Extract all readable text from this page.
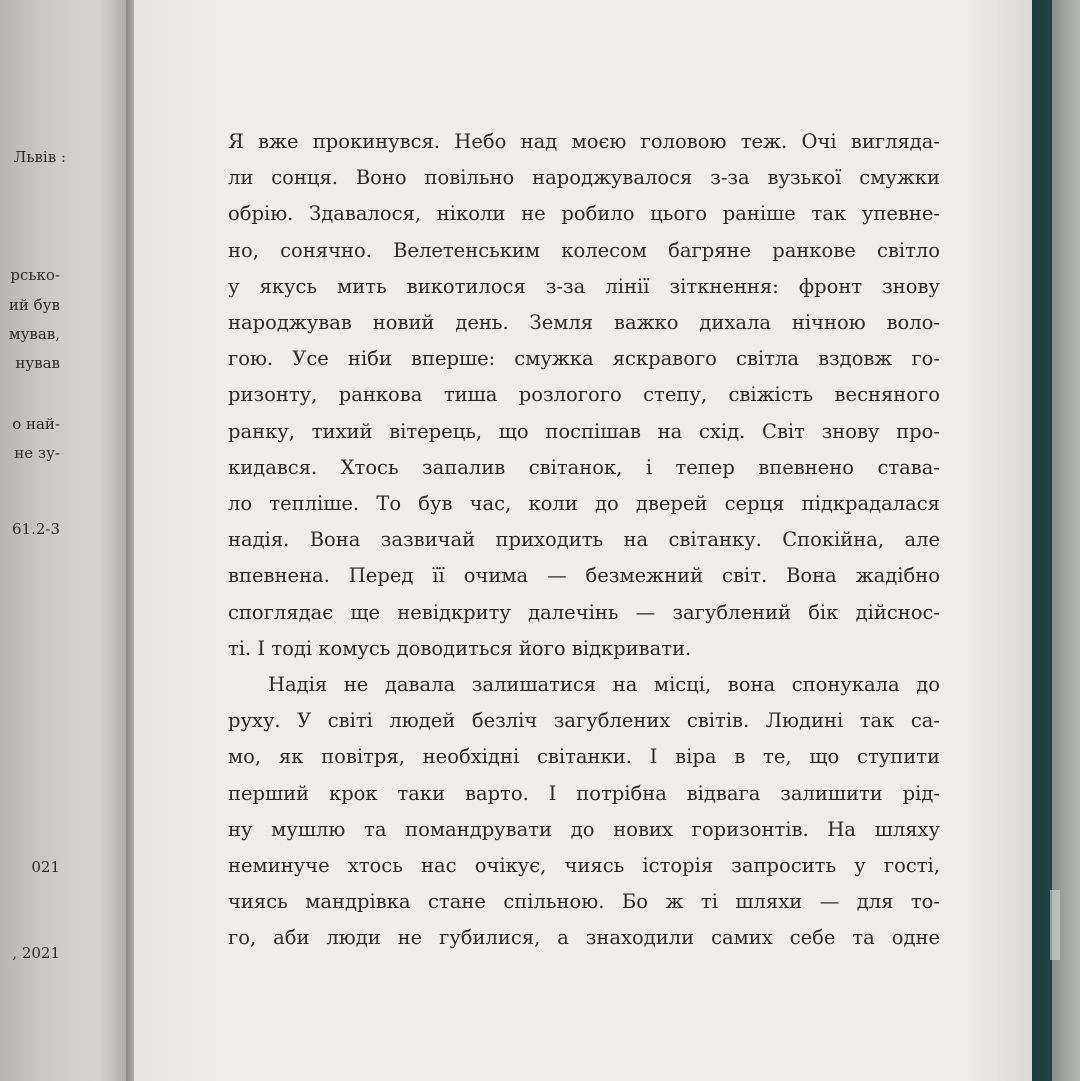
Львів :
рсько-
ий був
мував,
нував
о най-
не зу-
61.2-3
021
, 2021

Я вже прокинувся. Небо над моєю головою теж. Очі вигляда-
ли сонця. Воно повільно народжувалося з-за вузької смужки
обрію. Здавалося, ніколи не робило цього раніше так упевне-
но, сонячно. Велетенським колесом багряне ранкове світло
у якусь мить викотилося з-за лінії зіткнення: фронт знову
народжував новий день. Земля важко дихала нічною воло-
гою. Усе ніби вперше: смужка яскравого світла вздовж го-
ризонту, ранкова тиша розлогого степу, свіжість весняного
ранку, тихий вітерець, що поспішав на схід. Світ знову про-
кидався. Хтось запалив світанок, і тепер впевнено става-
ло тепліше. То був час, коли до дверей серця підкрадалася
надія. Вона зазвичай приходить на світанку. Спокійна, але
впевнена. Перед її очима — безмежний світ. Вона жадібно
споглядає ще невідкриту далечінь — загублений бік дійснос-
ті. І тоді комусь доводиться його відкривати.

Надія не давала залишатися на місці, вона спонукала до
руху. У світі людей безліч загублених світів. Людині так са-
мо, як повітря, необхідні світанки. І віра в те, що ступити
перший крок таки варто. І потрібна відвага залишити рід-
ну мушлю та помандрувати до нових горизонтів. На шляху
неминуче хтось нас очікує, чиясь історія запросить у гості,
чиясь мандрівка стане спільною. Бо ж ті шляхи — для то-
го, аби люди не губилися, а знаходили самих себе та одне
